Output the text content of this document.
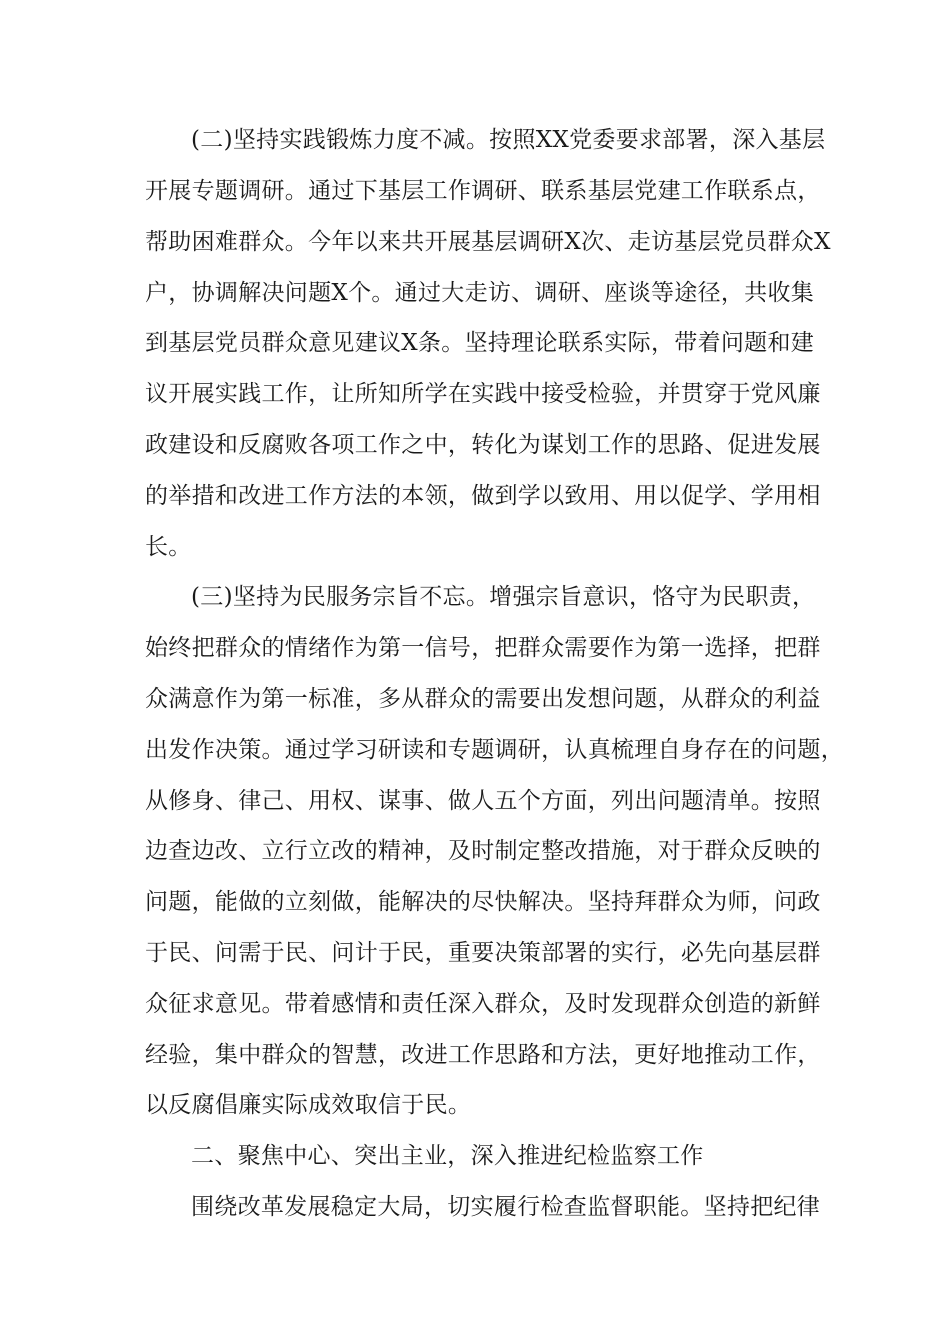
(二)坚持实践锻炼力度不减。按照XX党委要求部署，深入基层

开展专题调研。通过下基层工作调研、联系基层党建工作联系点，

帮助困难群众。今年以来共开展基层调研X次、走访基层党员群众X

户，协调解决问题X个。通过大走访、调研、座谈等途径，共收集

到基层党员群众意见建议X条。坚持理论联系实际，带着问题和建

议开展实践工作，让所知所学在实践中接受检验，并贯穿于党风廉

政建设和反腐败各项工作之中，转化为谋划工作的思路、促进发展

的举措和改进工作方法的本领，做到学以致用、用以促学、学用相

长。

(三)坚持为民服务宗旨不忘。增强宗旨意识，恪守为民职责，

始终把群众的情绪作为第一信号，把群众需要作为第一选择，把群

众满意作为第一标准，多从群众的需要出发想问题，从群众的利益

出发作决策。通过学习研读和专题调研，认真梳理自身存在的问题，

从修身、律己、用权、谋事、做人五个方面，列出问题清单。按照

边查边改、立行立改的精神，及时制定整改措施，对于群众反映的

问题，能做的立刻做，能解决的尽快解决。坚持拜群众为师，问政

于民、问需于民、问计于民，重要决策部署的实行，必先向基层群

众征求意见。带着感情和责任深入群众，及时发现群众创造的新鲜

经验，集中群众的智慧，改进工作思路和方法，更好地推动工作，

以反腐倡廉实际成效取信于民。

二、聚焦中心、突出主业，深入推进纪检监察工作

围绕改革发展稳定大局，切实履行检查监督职能。坚持把纪律
